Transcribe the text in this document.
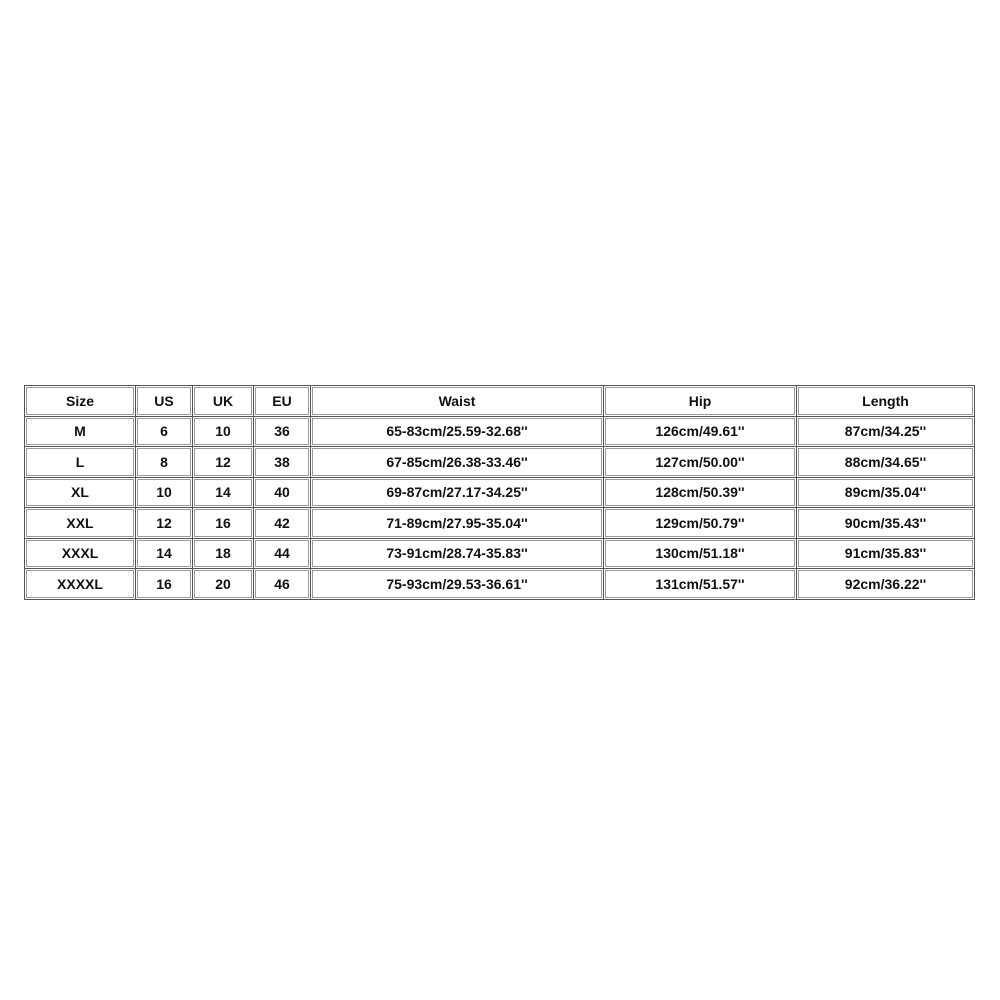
Size	US	UK	EU	Waist	Hip	Length
M	6	10	36	65-83cm/25.59-32.68''	126cm/49.61''	87cm/34.25''
L	8	12	38	67-85cm/26.38-33.46''	127cm/50.00''	88cm/34.65''
XL	10	14	40	69-87cm/27.17-34.25''	128cm/50.39''	89cm/35.04''
XXL	12	16	42	71-89cm/27.95-35.04''	129cm/50.79''	90cm/35.43''
XXXL	14	18	44	73-91cm/28.74-35.83''	130cm/51.18''	91cm/35.83''
XXXXL	16	20	46	75-93cm/29.53-36.61''	131cm/51.57''	92cm/36.22''
